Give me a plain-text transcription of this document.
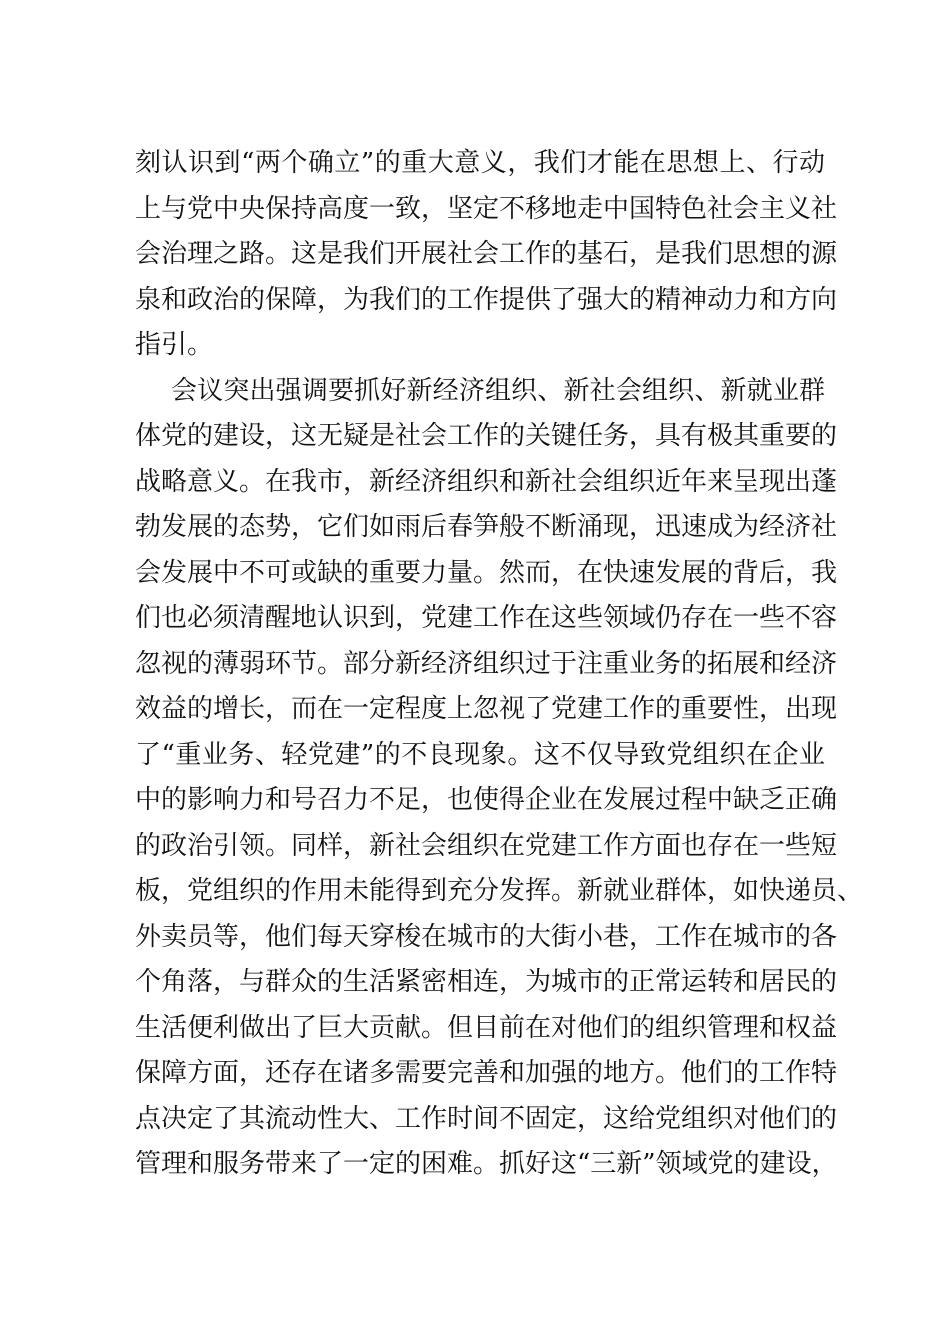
刻认识到“两个确立”的重大意义，我们才能在思想上、行动
上与党中央保持高度一致，坚定不移地走中国特色社会主义社
会治理之路。这是我们开展社会工作的基石，是我们思想的源
泉和政治的保障，为我们的工作提供了强大的精神动力和方向
指引。
会议突出强调要抓好新经济组织、新社会组织、新就业群
体党的建设，这无疑是社会工作的关键任务，具有极其重要的
战略意义。在我市，新经济组织和新社会组织近年来呈现出蓬
勃发展的态势，它们如雨后春笋般不断涌现，迅速成为经济社
会发展中不可或缺的重要力量。然而，在快速发展的背后，我
们也必须清醒地认识到，党建工作在这些领域仍存在一些不容
忽视的薄弱环节。部分新经济组织过于注重业务的拓展和经济
效益的增长，而在一定程度上忽视了党建工作的重要性，出现
了“重业务、轻党建”的不良现象。这不仅导致党组织在企业
中的影响力和号召力不足，也使得企业在发展过程中缺乏正确
的政治引领。同样，新社会组织在党建工作方面也存在一些短
板，党组织的作用未能得到充分发挥。新就业群体，如快递员、
外卖员等，他们每天穿梭在城市的大街小巷，工作在城市的各
个角落，与群众的生活紧密相连，为城市的正常运转和居民的
生活便利做出了巨大贡献。但目前在对他们的组织管理和权益
保障方面，还存在诸多需要完善和加强的地方。他们的工作特
点决定了其流动性大、工作时间不固定，这给党组织对他们的
管理和服务带来了一定的困难。抓好这“三新”领域党的建设，
